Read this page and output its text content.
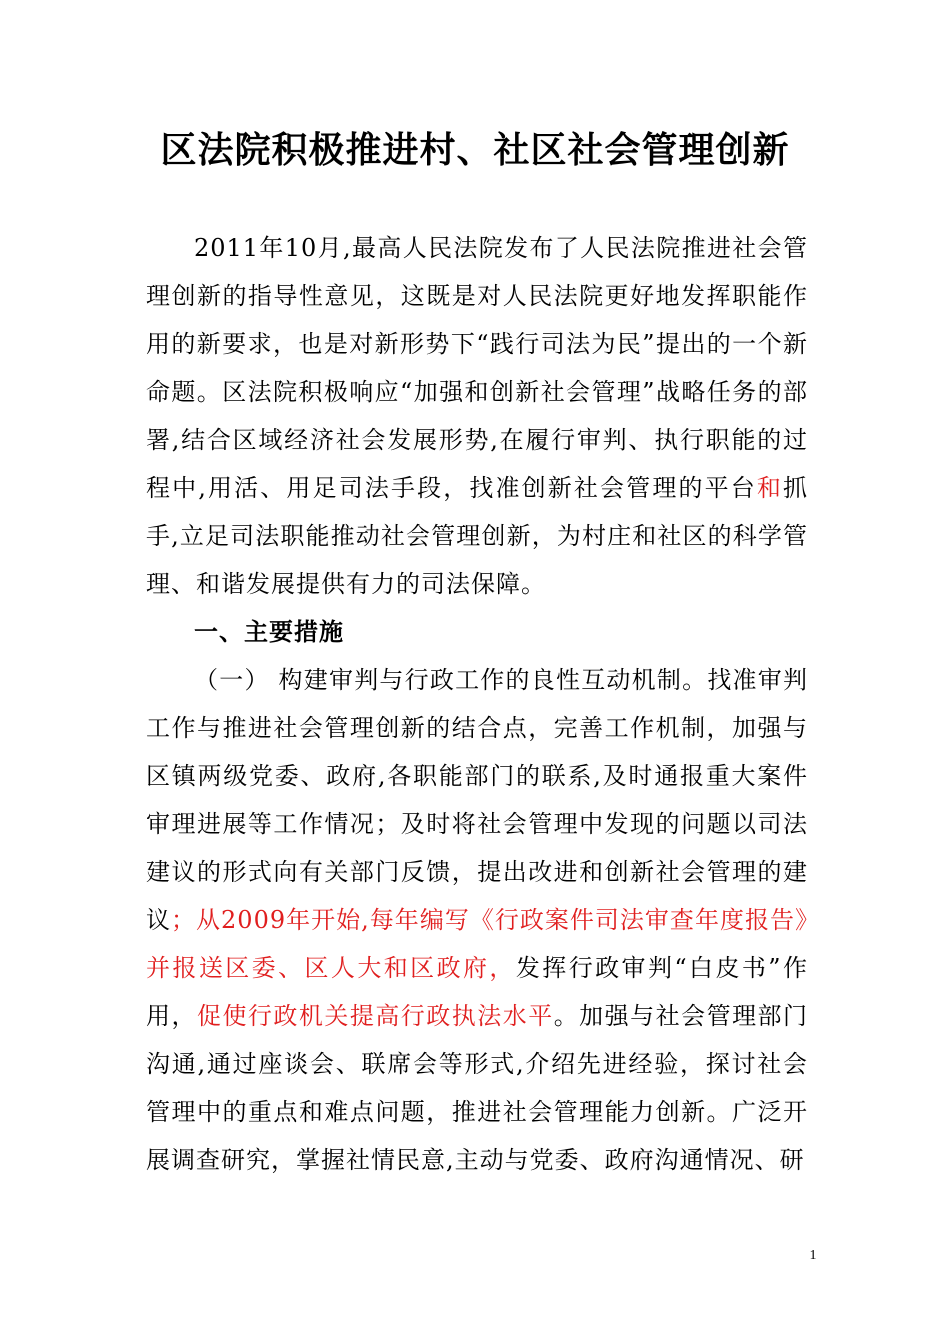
区法院积极推进村、社区社会管理创新

2011年10月,最高人民法院发布了人民法院推进社会管理创新的指导性意见，这既是对人民法院更好地发挥职能作用的新要求，也是对新形势下“践行司法为民”提出的一个新命题。区法院积极响应“加强和创新社会管理”战略任务的部署,结合区域经济社会发展形势,在履行审判、执行职能的过程中,用活、用足司法手段，找准创新社会管理的平台和抓手,立足司法职能推动社会管理创新，为村庄和社区的科学管理、和谐发展提供有力的司法保障。

一、主要措施

（一） 构建审判与行政工作的良性互动机制。找准审判工作与推进社会管理创新的结合点，完善工作机制，加强与区镇两级党委、政府,各职能部门的联系,及时通报重大案件审理进展等工作情况；及时将社会管理中发现的问题以司法建议的形式向有关部门反馈，提出改进和创新社会管理的建议；从2009年开始,每年编写《行政案件司法审查年度报告》并报送区委、区人大和区政府，发挥行政审判“白皮书”作用，促使行政机关提高行政执法水平。加强与社会管理部门沟通,通过座谈会、联席会等形式,介绍先进经验，探讨社会管理中的重点和难点问题，推进社会管理能力创新。广泛开展调查研究，掌握社情民意,主动与党委、政府沟通情况、研

1
